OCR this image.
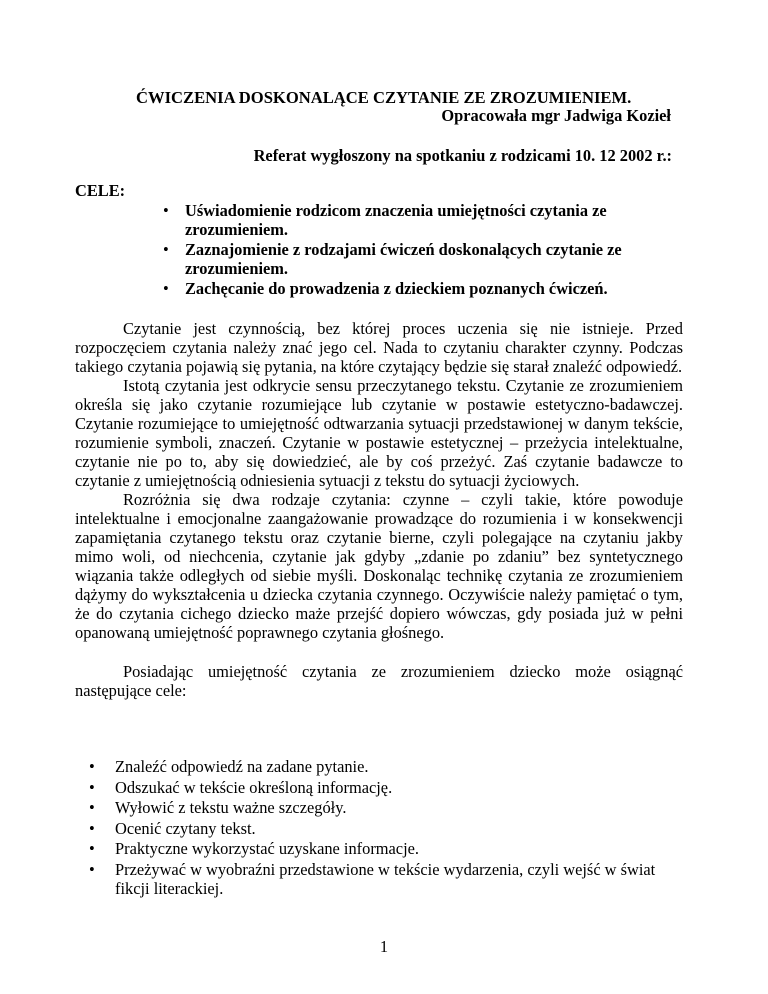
ĆWICZENIA DOSKONALĄCE CZYTANIE ZE ZROZUMIENIEM.
Opracowała mgr Jadwiga Kozieł
Referat wygłoszony na spotkaniu z rodzicami 10. 12 2002 r.:
CELE:
• Uświadomienie rodzicom znaczenia umiejętności czytania ze zrozumieniem.
• Zaznajomienie z rodzajami ćwiczeń doskonalących czytanie ze zrozumieniem.
• Zachęcanie do prowadzenia z dzieckiem poznanych ćwiczeń.

Czytanie jest czynnością, bez której proces uczenia się nie istnieje. Przed rozpoczęciem czytania należy znać jego cel. Nada to czytaniu charakter czynny. Podczas takiego czytania pojawią się pytania, na które czytający będzie się starał znaleźć odpowiedź.

Istotą czytania jest odkrycie sensu przeczytanego tekstu. Czytanie ze zrozumieniem określa się jako czytanie rozumiejące lub czytanie w postawie estetyczno-badawczej. Czytanie rozumiejące to umiejętność odtwarzania sytuacji przedstawionej w danym tekście, rozumienie symboli, znaczeń. Czytanie w postawie estetycznej – przeżycia intelektualne, czytanie nie po to, aby się dowiedzieć, ale by coś przeżyć. Zaś czytanie badawcze to czytanie z umiejętnością odniesienia sytuacji z tekstu do sytuacji życiowych.

Rozróżnia się dwa rodzaje czytania: czynne – czyli takie, które powoduje intelektualne i emocjonalne zaangażowanie prowadzące do rozumienia i w konsekwencji zapamiętania czytanego tekstu oraz czytanie bierne, czyli polegające na czytaniu jakby mimo woli, od niechcenia, czytanie jak gdyby „zdanie po zdaniu” bez syntetycznego wiązania także odległych od siebie myśli. Doskonaląc technikę czytania ze zrozumieniem dążymy do wykształcenia u dziecka czytania czynnego. Oczywiście należy pamiętać o tym, że do czytania cichego dziecko maże przejść dopiero wówczas, gdy posiada już w pełni opanowaną umiejętność poprawnego czytania głośnego.

Posiadając umiejętność czytania ze zrozumieniem dziecko może osiągnąć następujące cele:

• Znaleźć odpowiedź na zadane pytanie.
• Odszukać w tekście określoną informację.
• Wyłowić z tekstu ważne szczegóły.
• Ocenić czytany tekst.
• Praktyczne wykorzystać uzyskane informacje.
• Przeżywać w wyobraźni przedstawione w tekście wydarzenia, czyli wejść w świat fikcji literackiej.
1
